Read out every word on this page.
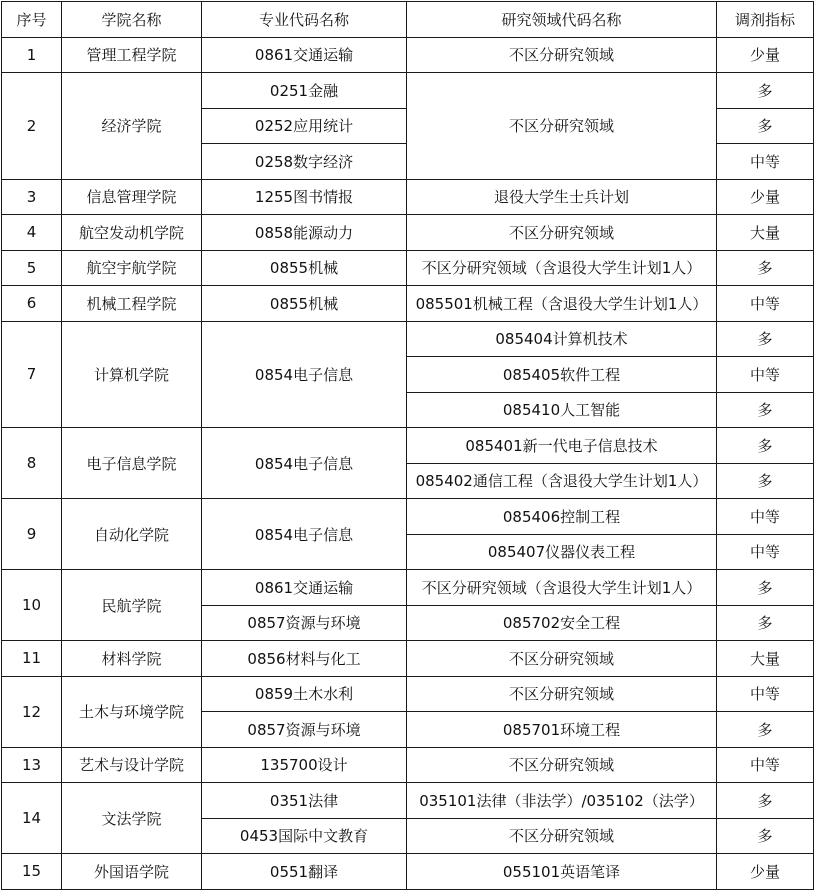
序号	学院名称	专业代码名称	研究领域代码名称	调剂指标
1	管理工程学院	0861交通运输	不区分研究领域	少量
2	经济学院	0251金融	不区分研究领域	多
		0252应用统计		多
		0258数字经济		中等
3	信息管理学院	1255图书情报	退役大学生士兵计划	少量
4	航空发动机学院	0858能源动力	不区分研究领域	大量
5	航空宇航学院	0855机械	不区分研究领域（含退役大学生计划1人）	多
6	机械工程学院	0855机械	085501机械工程（含退役大学生计划1人）	中等
7	计算机学院	0854电子信息	085404计算机技术	多
			085405软件工程	中等
			085410人工智能	多
8	电子信息学院	0854电子信息	085401新一代电子信息技术	多
			085402通信工程（含退役大学生计划1人）	多
9	自动化学院	0854电子信息	085406控制工程	中等
			085407仪器仪表工程	中等
10	民航学院	0861交通运输	不区分研究领域（含退役大学生计划1人）	多
		0857资源与环境	085702安全工程	多
11	材料学院	0856材料与化工	不区分研究领域	大量
12	土木与环境学院	0859土木水利	不区分研究领域	中等
		0857资源与环境	085701环境工程	多
13	艺术与设计学院	135700设计	不区分研究领域	中等
14	文法学院	0351法律	035101法律（非法学）/035102（法学）	多
		0453国际中文教育	不区分研究领域	多
15	外国语学院	0551翻译	055101英语笔译	少量
